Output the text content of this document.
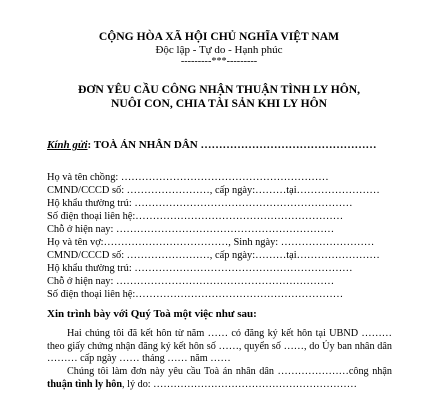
CỘNG HÒA XÃ HỘI CHỦ NGHĨA VIỆT NAM
Độc lập - Tự do - Hạnh phúc
---------***---------
ĐƠN YÊU CẦU CÔNG NHẬN THUẬN TÌNH LY HÔN,
NUÔI CON, CHIA TÀI SẢN KHI LY HÔN
Kính gửi: TOÀ ÁN NHÂN DÂN …………………………………………
Họ và tên chồng: ……………………………………………………
CMND/CCCD số: ……………………, cấp ngày:………tại……………………
Hộ khẩu thường trú: ………………………………………………………
Số điện thoại liên hệ:……………………………………………………
Chỗ ở hiện nay: ………………………………………………………
Họ và tên vợ:………………………………, Sinh ngày: ………………………
CMND/CCCD số: ……………………, cấp ngày:………tại……………………
Hộ khẩu thường trú: ………………………………………………………
Chỗ ở hiện nay: ………………………………………………………
Số điện thoại liên hệ:……………………………………………………
Xin trình bày với Quý Toà một việc như sau:
Hai chúng tôi đã kết hôn từ năm …… có đăng ký kết hôn tại UBND ……… theo giấy chứng nhận đăng ký kết hôn số ……, quyển số ……, do Ủy ban nhân dân ……… cấp ngày …… tháng …… năm ……
Chúng tôi làm đơn này yêu cầu Toà án nhân dân …………………công nhận thuận tình ly hôn, lý do: ……………………………………………………
